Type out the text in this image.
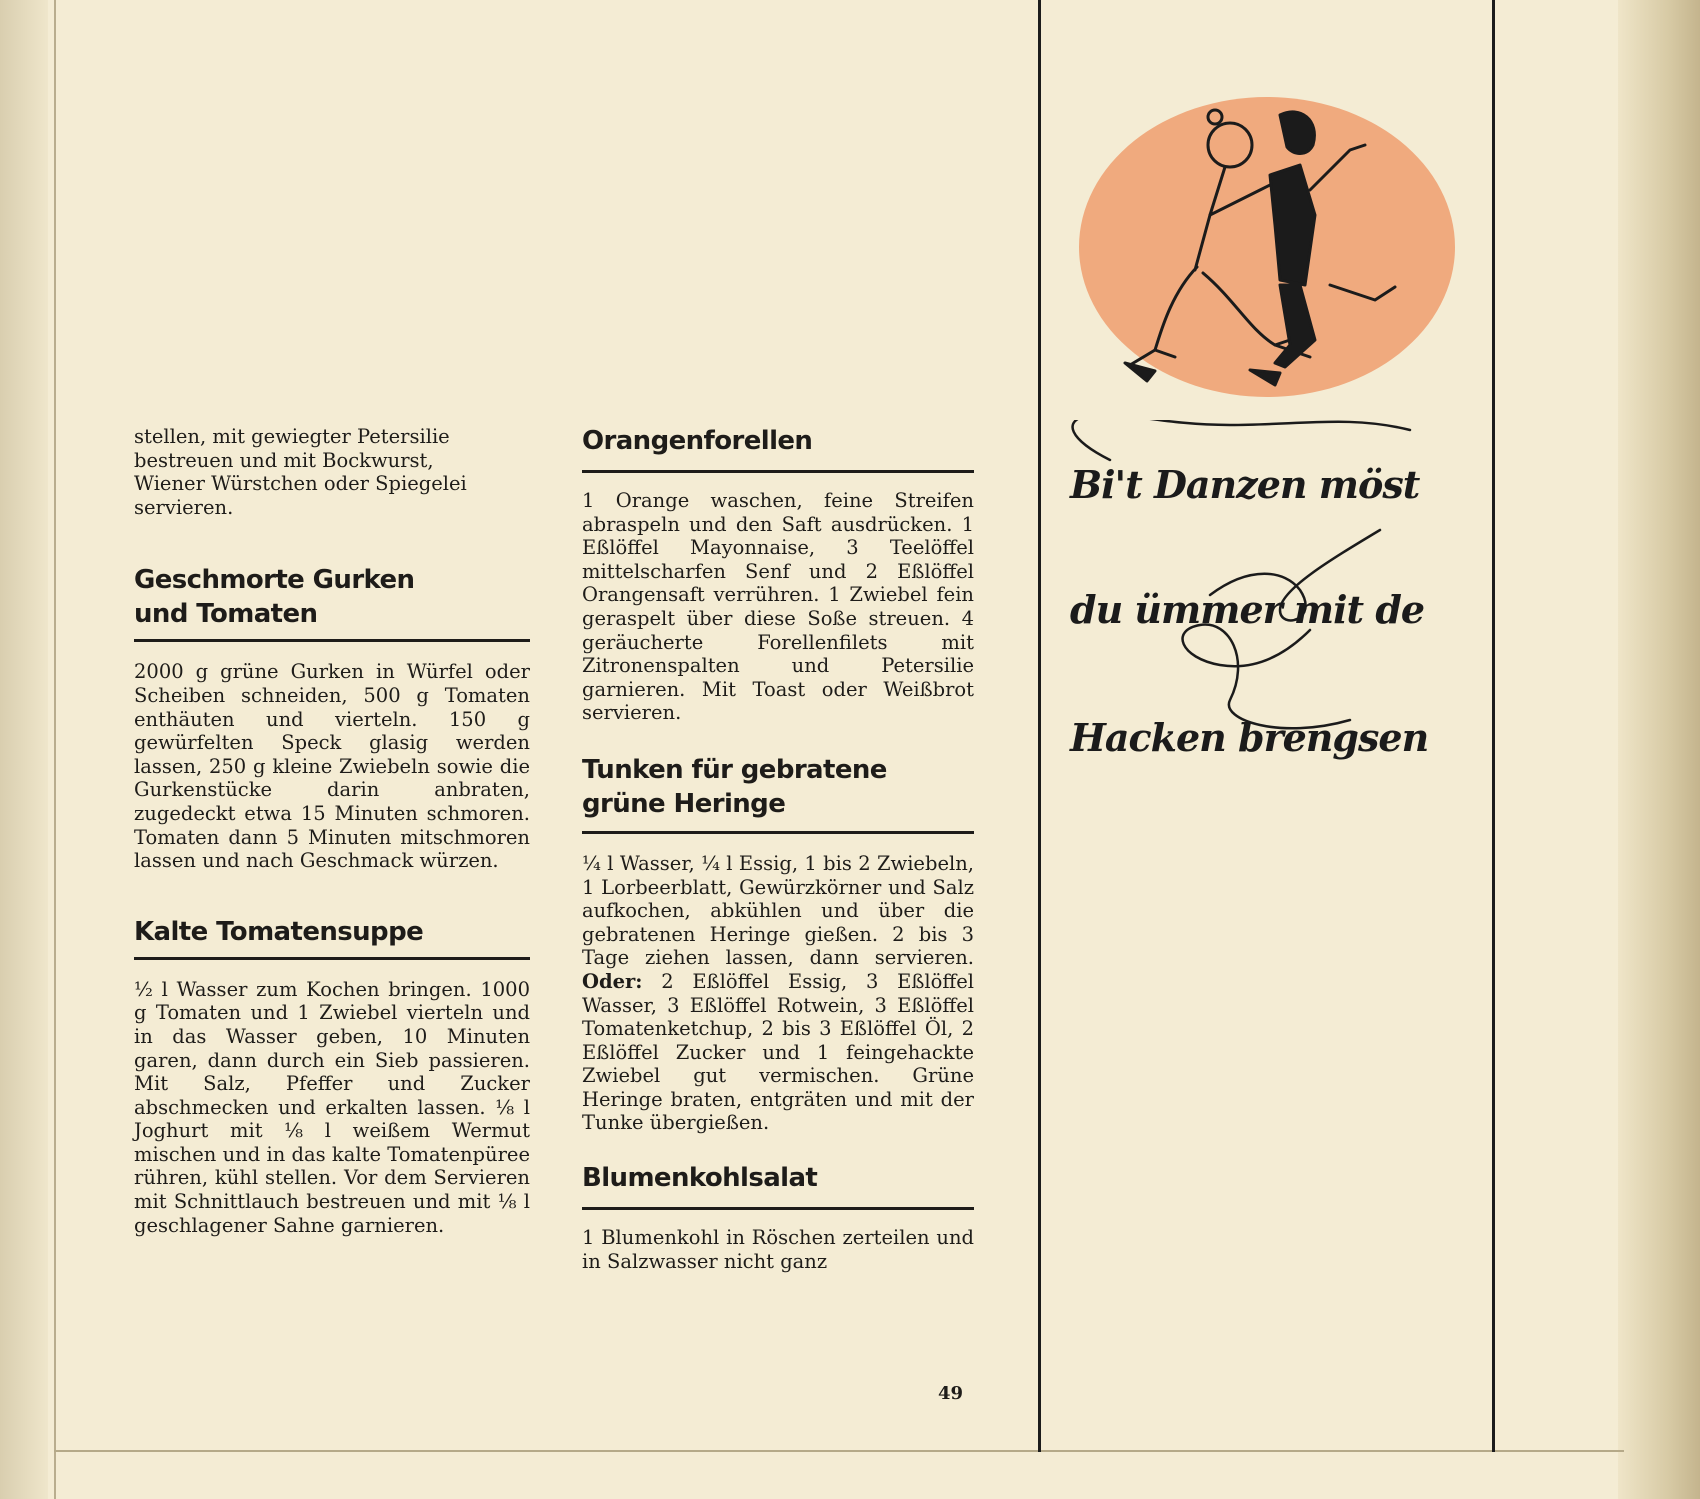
stellen, mit gewiegter Petersilie
bestreuen und mit Bockwurst,
Wiener Würstchen oder Spiegelei
servieren.

Geschmorte Gurken
und Tomaten

2000 g grüne Gurken in Würfel oder Scheiben schneiden, 500 g Tomaten enthäuten und vierteln. 150 g gewürfelten Speck glasig werden lassen, 250 g kleine Zwiebeln sowie die Gurkenstücke darin anbraten, zugedeckt etwa 15 Minuten schmoren. Tomaten dann 5 Minuten mitschmoren lassen und nach Geschmack würzen.

Kalte Tomatensuppe

½ l Wasser zum Kochen bringen. 1000 g Tomaten und 1 Zwiebel vierteln und in das Wasser geben, 10 Minuten garen, dann durch ein Sieb passieren. Mit Salz, Pfeffer und Zucker abschmecken und erkalten lassen. ⅛ l Joghurt mit ⅛ l weißem Wermut mischen und in das kalte Tomatenpüree rühren, kühl stellen. Vor dem Servieren mit Schnittlauch bestreuen und mit ⅛ l geschlagener Sahne garnieren.

Orangenforellen

1 Orange waschen, feine Streifen abraspeln und den Saft ausdrücken. 1 Eßlöffel Mayonnaise, 3 Teelöffel mittelscharfen Senf und 2 Eßlöffel Orangensaft verrühren. 1 Zwiebel fein geraspelt über diese Soße streuen. 4 geräucherte Forellenfilets mit Zitronenspalten und Petersilie garnieren. Mit Toast oder Weißbrot servieren.

Tunken für gebratene
grüne Heringe

¼ l Wasser, ¼ l Essig, 1 bis 2 Zwiebeln, 1 Lorbeerblatt, Gewürzkörner und Salz aufkochen, abkühlen und über die gebratenen Heringe gießen. 2 bis 3 Tage ziehen lassen, dann servieren. Oder: 2 Eßlöffel Essig, 3 Eßlöffel Wasser, 3 Eßlöffel Rotwein, 3 Eßlöffel Tomatenketchup, 2 bis 3 Eßlöffel Öl, 2 Eßlöffel Zucker und 1 feingehackte Zwiebel gut vermischen. Grüne Heringe braten, entgräten und mit der Tunke übergießen.

Blumenkohlsalat

1 Blumenkohl in Röschen zerteilen und in Salzwasser nicht ganz

49
Bi't Danzen möst
du ümmer mit de
Hacken brengsen
